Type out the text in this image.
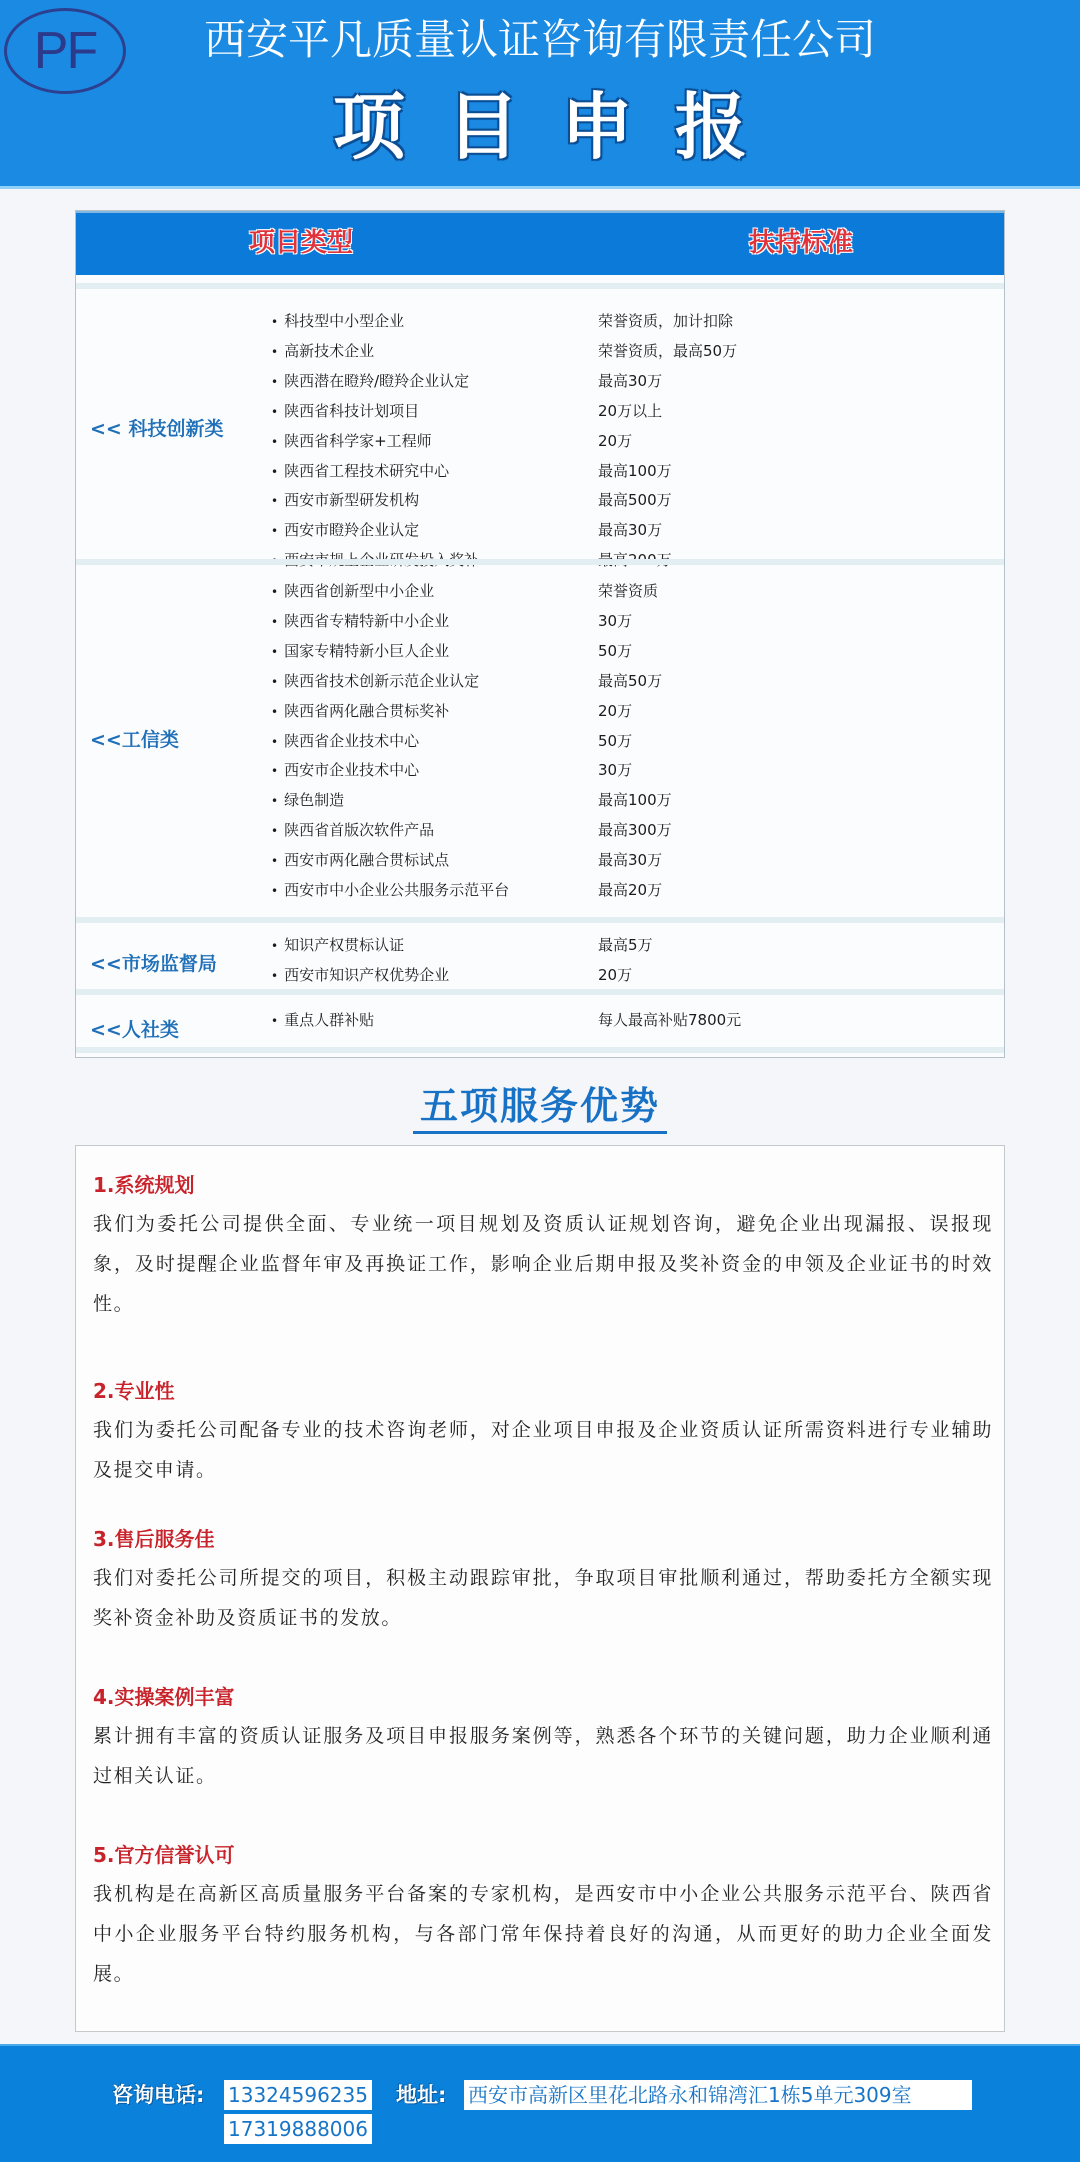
PF	西安平凡质量认证咨询有限责任公司
项目申报
项目类型	扶持标准
<< 科技创新类
• 科技型中小型企业	荣誉资质，加计扣除
• 高新技术企业	荣誉资质，最高50万
• 陕西潜在瞪羚/瞪羚企业认定	最高30万
• 陕西省科技计划项目	20万以上
• 陕西省科学家+工程师	20万
• 陕西省工程技术研究中心	最高100万
• 西安市新型研发机构	最高500万
• 西安市瞪羚企业认定	最高30万
• 西安市规上企业研发投入奖补	最高200万
<<工信类
• 陕西省创新型中小企业	荣誉资质
• 陕西省专精特新中小企业	30万
• 国家专精特新小巨人企业	50万
• 陕西省技术创新示范企业认定	最高50万
• 陕西省两化融合贯标奖补	20万
• 陕西省企业技术中心	50万
• 西安市企业技术中心	30万
• 绿色制造	最高100万
• 陕西省首版次软件产品	最高300万
• 西安市两化融合贯标试点	最高30万
• 西安市中小企业公共服务示范平台	最高20万
<<市场监督局
• 知识产权贯标认证	最高5万
• 西安市知识产权优势企业	20万
<<人社类	• 重点人群补贴	每人最高补贴7800元
五项服务优势
1.系统规划
我们为委托公司提供全面、专业统一项目规划及资质认证规划咨询，避免企业出现漏报、误报现象，及时提醒企业监督年审及再换证工作，影响企业后期申报及奖补资金的申领及企业证书的时效性。
2.专业性
我们为委托公司配备专业的技术咨询老师，对企业项目申报及企业资质认证所需资料进行专业辅助及提交申请。
3.售后服务佳
我们对委托公司所提交的项目，积极主动跟踪审批，争取项目审批顺利通过，帮助委托方全额实现奖补资金补助及资质证书的发放。
4.实操案例丰富
累计拥有丰富的资质认证服务及项目申报服务案例等，熟悉各个环节的关键问题，助力企业顺利通过相关认证。
5.官方信誉认可
我机构是在高新区高质量服务平台备案的专家机构，是西安市中小企业公共服务示范平台、陕西省中小企业服务平台特约服务机构，与各部门常年保持着良好的沟通，从而更好的助力企业全面发展。
咨询电话: 13324596235
17319888006
地址: 西安市高新区里花北路永和锦湾汇1栋5单元309室
